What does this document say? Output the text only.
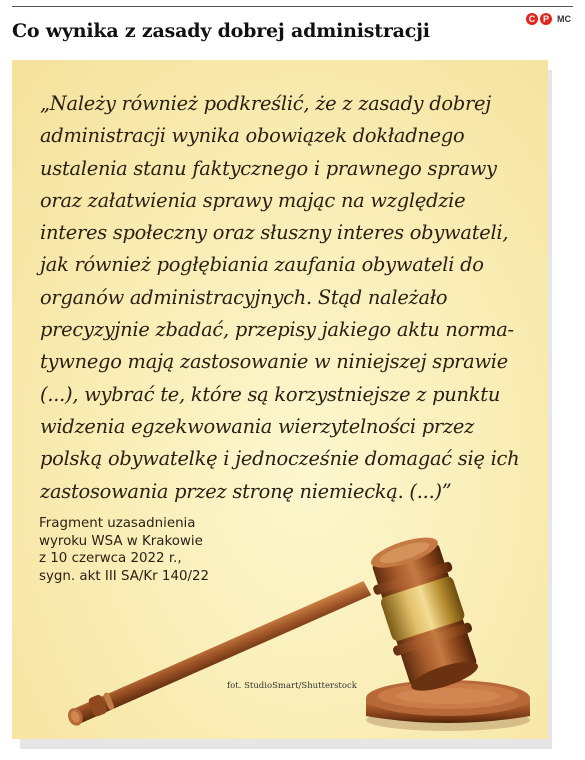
Co wynika z zasady dobrej administracji
C P MC
„Należy również podkreślić, że z zasady dobrej
administracji wynika obowiązek dokładnego
ustalenia stanu faktycznego i prawnego sprawy
oraz załatwienia sprawy mając na względzie
interes społeczny oraz słuszny interes obywateli,
jak również pogłębiania zaufania obywateli do
organów administracyjnych. Stąd należało
precyzyjnie zbadać, przepisy jakiego aktu norma-
tywnego mają zastosowanie w niniejszej sprawie
(...), wybrać te, które są korzystniejsze z punktu
widzenia egzekwowania wierzytelności przez
polską obywatelkę i jednocześnie domagać się ich
zastosowania przez stronę niemiecką. (...)”
Fragment uzasadnienia
wyroku WSA w Krakowie
z 10 czerwca 2022 r.,
sygn. akt III SA/Kr 140/22
fot. StudioSmart/Shutterstock
